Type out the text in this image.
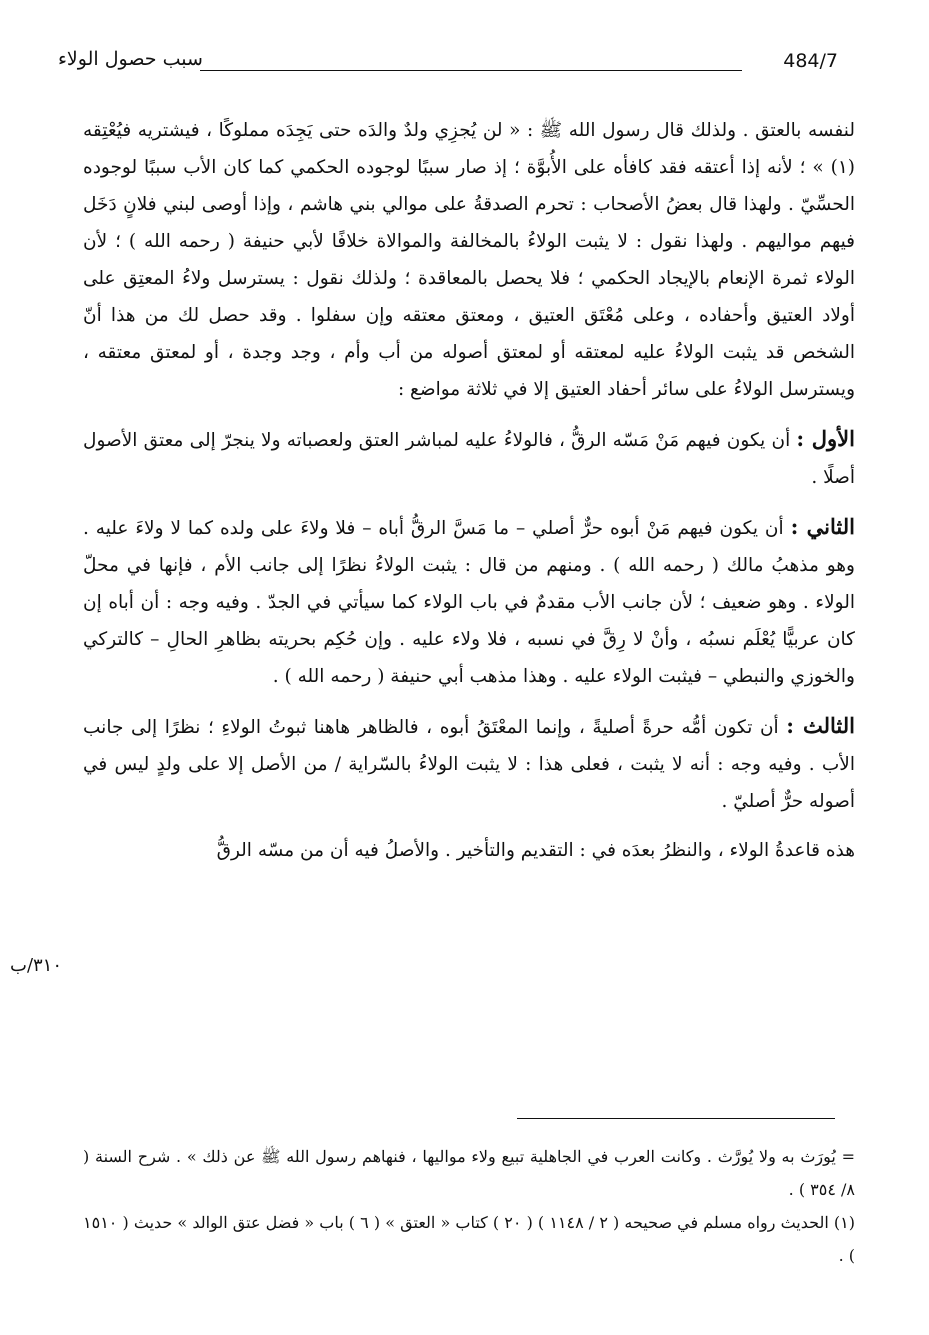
484/7
سبب حصول الولاء

لنفسه بالعتق . ولذلك قال رسول الله ﷺ : « لن يُجزِي ولدٌ والدَه حتى يَجِدَه مملوكًا ، فيشتريه فيُعْتِقه (١) » ؛ لأنه إذا أعتقه فقد كافأه على الأُبوَّة ؛ إذ صار سببًا لوجوده الحكمي كما كان الأب سببًا لوجوده الحسِّيّ . ولهذا قال بعضُ الأصحاب : تحرم الصدقةُ على موالي بني هاشم ، وإذا أوصى لبني فلانٍ دَخَل فيهم مواليهم . ولهذا نقول : لا يثبت الولاءُ بالمخالفة والموالاة خلافًا لأبي حنيفة ( رحمه الله ) ؛ لأن الولاء ثمرة الإنعام بالإيجاد الحكمي ؛ فلا يحصل بالمعاقدة ؛ ولذلك نقول : يسترسل ولاءُ المعتِق على أولاد العتيق وأحفاده ، وعلى مُعْتَق العتيق ، ومعتق معتقه وإن سفلوا . وقد حصل لك من هذا أنّ الشخص قد يثبت الولاءُ عليه لمعتقه أو لمعتق أصوله من أب وأم ، وجد وجدة ، أو لمعتق معتقه ، ويسترسل الولاءُ على سائر أحفاد العتيق إلا في ثلاثة مواضع :

الأول : أن يكون فيهم مَنْ مَسّه الرقُّ ، فالولاءُ عليه لمباشر العتق ولعصباته ولا ينجرّ إلى معتق الأصول أصلًا .

الثاني : أن يكون فيهم مَنْ أبوه حرٌّ أصلي – ما مَسَّ الرقُّ أباه – فلا ولاءَ على ولده كما لا ولاءَ عليه . وهو مذهبُ مالك ( رحمه الله ) . ومنهم من قال : يثبت الولاءُ نظرًا إلى جانب الأم ، فإنها في محلّ الولاء . وهو ضعيف ؛ لأن جانب الأب مقدمٌ في باب الولاء كما سيأتي في الجدّ . وفيه وجه : أن أباه إن كان عربيًّا يُعْلَم نسبُه ، وأنْ لا رِقَّ في نسبه ، فلا ولاء عليه . وإن حُكِم بحريته بظاهرِ الحالِ – كالتركي والخوزي والنبطي – فيثبت الولاء عليه . وهذا مذهب أبي حنيفة ( رحمه الله ) .

الثالث : أن تكون أمُّه حرةً أصليةً ، وإنما المعْتَقُ أبوه ، فالظاهر هاهنا ثبوتُ الولاءِ ؛ نظرًا إلى جانب الأب . وفيه وجه : أنه لا يثبت ، فعلى هذا : لا يثبت الولاءُ بالسّراية / من الأصل إلا على ولدٍ ليس في أصوله حرٌّ أصليّ .

هذه قاعدةُ الولاء ، والنظرُ بعدَه في : التقديم والتأخير . والأصلُ فيه أن من مسّه الرقُّ

٣١٠/ب

= يُورَث به ولا يُورَّث . وكانت العرب في الجاهلية تبيع ولاء مواليها ، فنهاهم رسول الله ﷺ عن ذلك » . شرح السنة ( ٨/ ٣٥٤ ) .

(١) الحديث رواه مسلم في صحيحه ( ٢ / ١١٤٨ ) ( ٢٠ ) كتاب « العتق » ( ٦ ) باب « فضل عتق الوالد » حديث ( ١٥١٠ ) .
